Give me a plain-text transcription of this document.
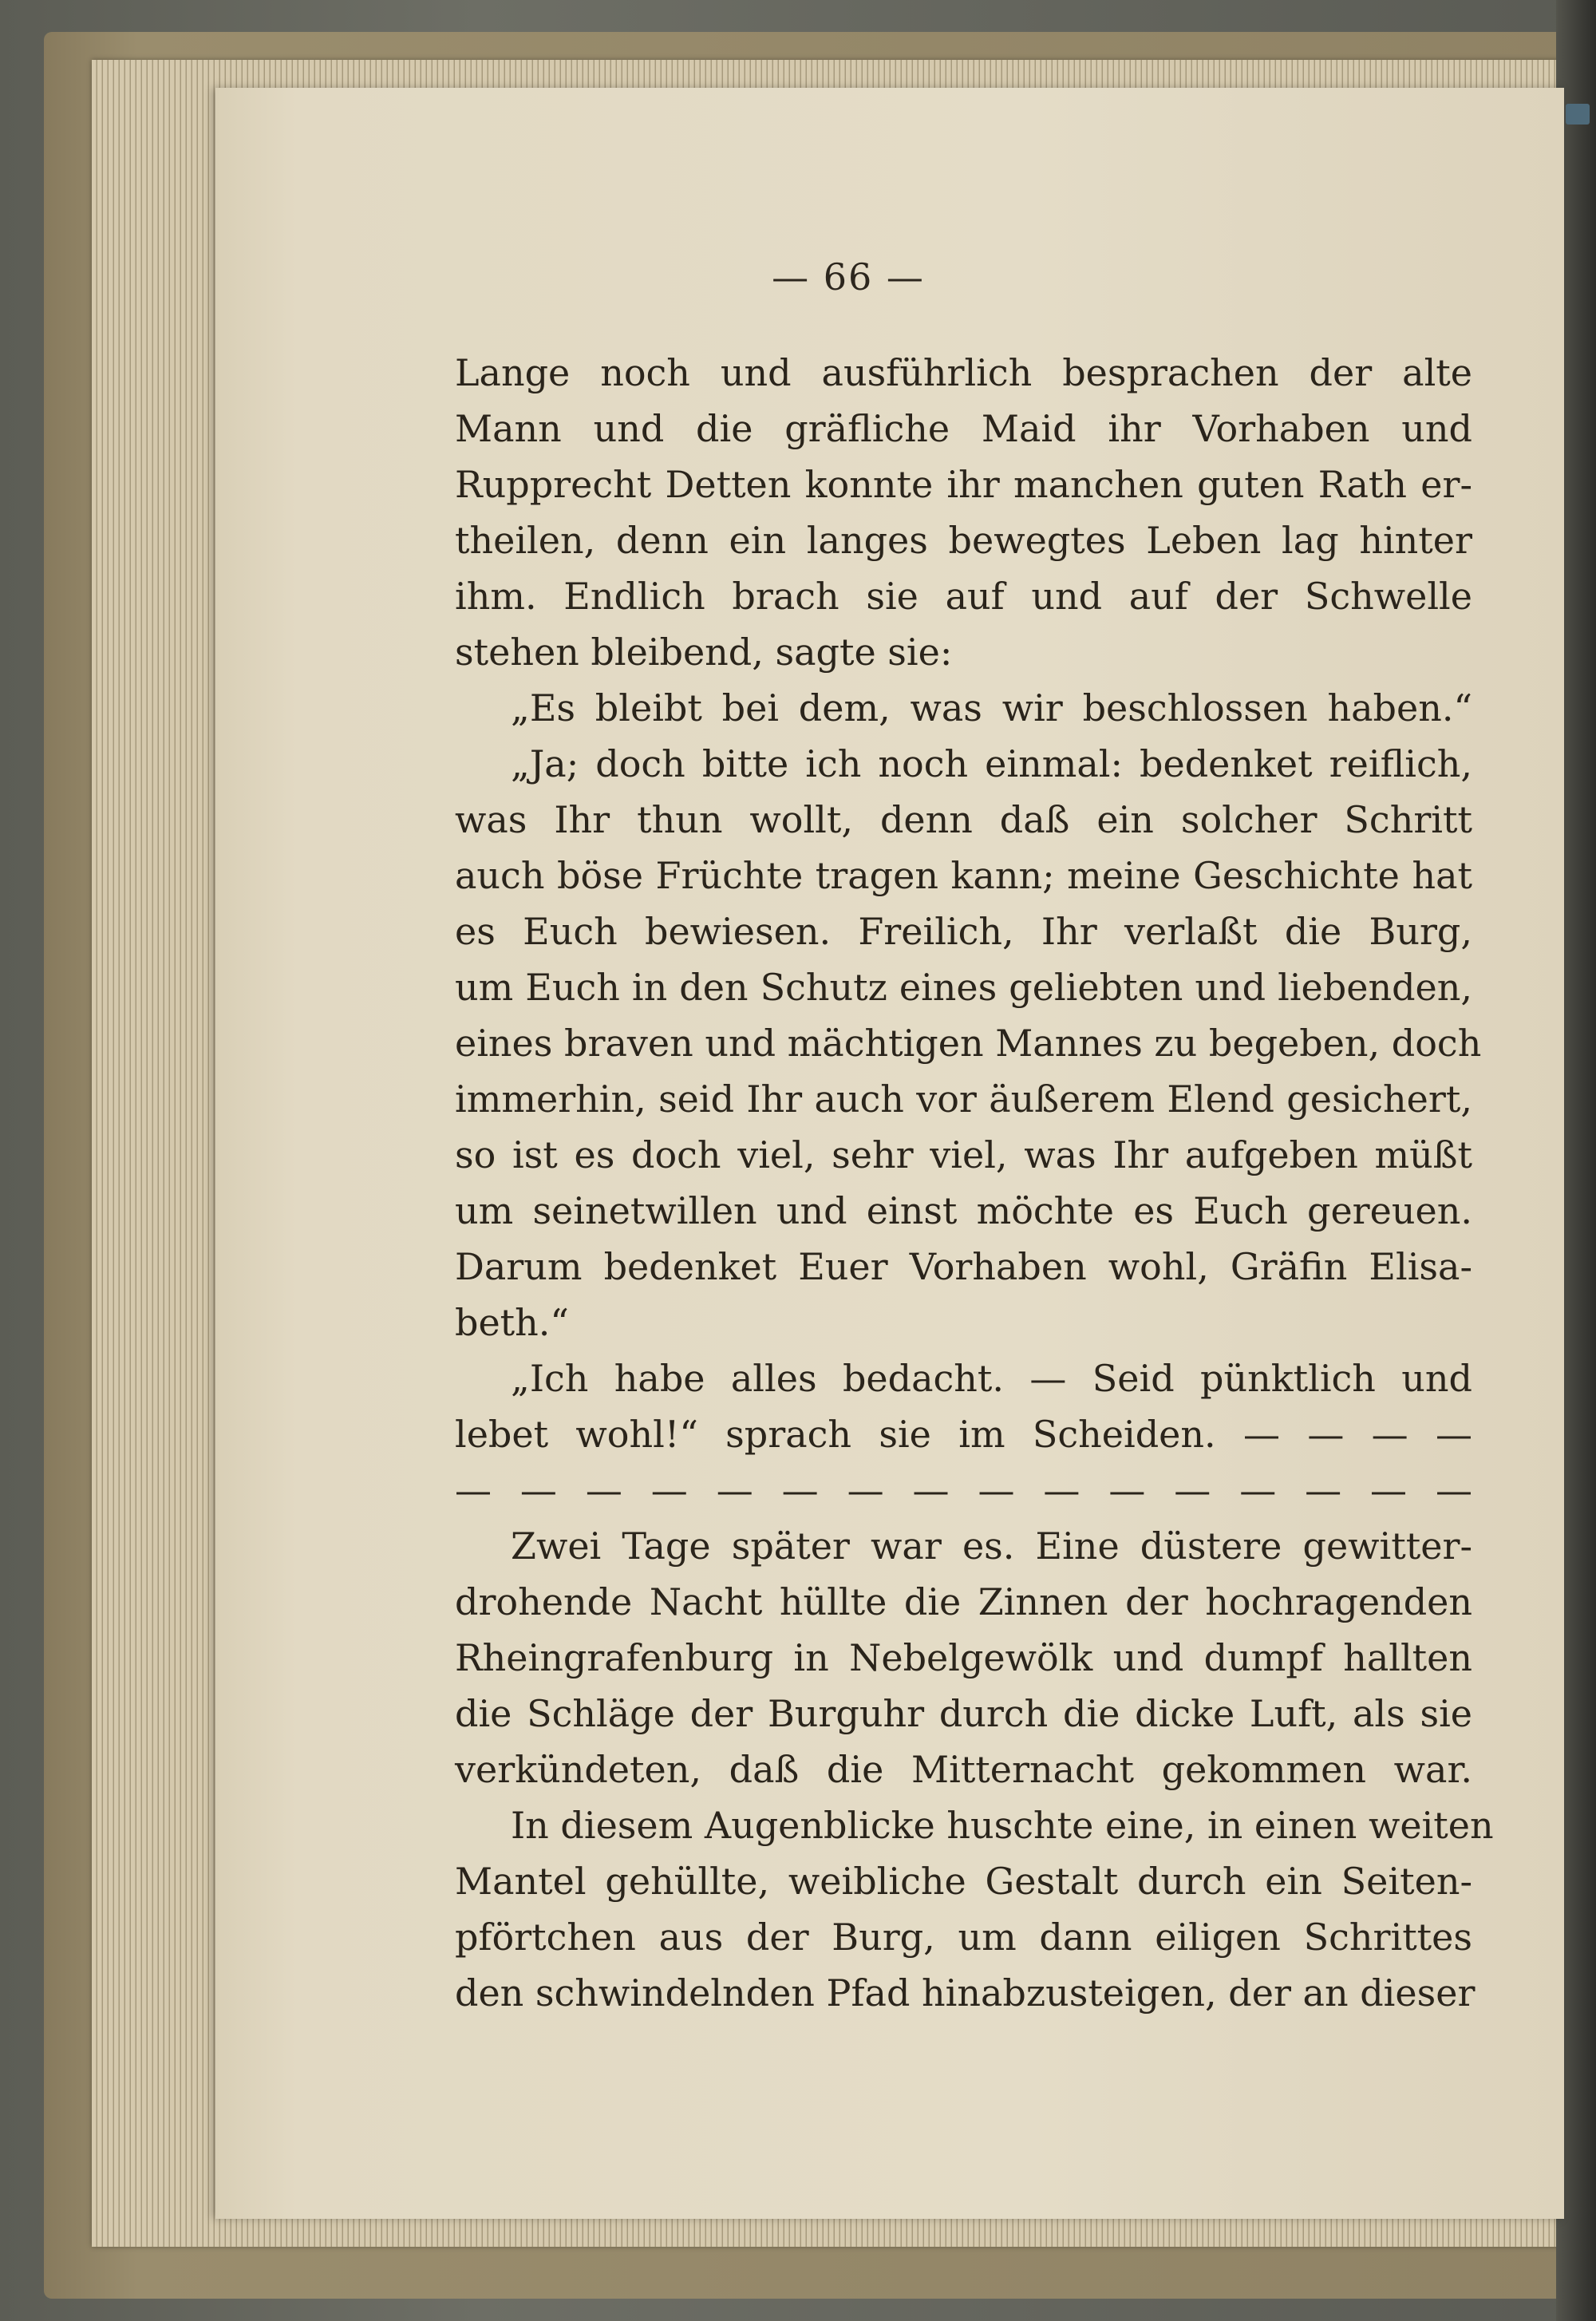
— 66 —
Lange noch und ausführlich besprachen der alte
Mann und die gräfliche Maid ihr Vorhaben und
Rupprecht Detten konnte ihr manchen guten Rath er-
theilen, denn ein langes bewegtes Leben lag hinter
ihm. Endlich brach sie auf und auf der Schwelle
stehen bleibend, sagte sie:
„Es bleibt bei dem, was wir beschlossen haben.“
„Ja; doch bitte ich noch einmal: bedenket reiflich,
was Ihr thun wollt, denn daß ein solcher Schritt
auch böse Früchte tragen kann; meine Geschichte hat
es Euch bewiesen. Freilich, Ihr verlaßt die Burg,
um Euch in den Schutz eines geliebten und liebenden,
eines braven und mächtigen Mannes zu begeben, doch
immerhin, seid Ihr auch vor äußerem Elend gesichert,
so ist es doch viel, sehr viel, was Ihr aufgeben müßt
um seinetwillen und einst möchte es Euch gereuen.
Darum bedenket Euer Vorhaben wohl, Gräfin Elisa-
beth.“
„Ich habe alles bedacht. — Seid pünktlich und
lebet wohl!“ sprach sie im Scheiden. — — — —
— — — — — — — — — — — — — — — —
Zwei Tage später war es. Eine düstere gewitter-
drohende Nacht hüllte die Zinnen der hochragenden
Rheingrafenburg in Nebelgewölk und dumpf hallten
die Schläge der Burguhr durch die dicke Luft, als sie
verkündeten, daß die Mitternacht gekommen war.
In diesem Augenblicke huschte eine, in einen weiten
Mantel gehüllte, weibliche Gestalt durch ein Seiten-
pförtchen aus der Burg, um dann eiligen Schrittes
den schwindelnden Pfad hinabzusteigen, der an dieser
